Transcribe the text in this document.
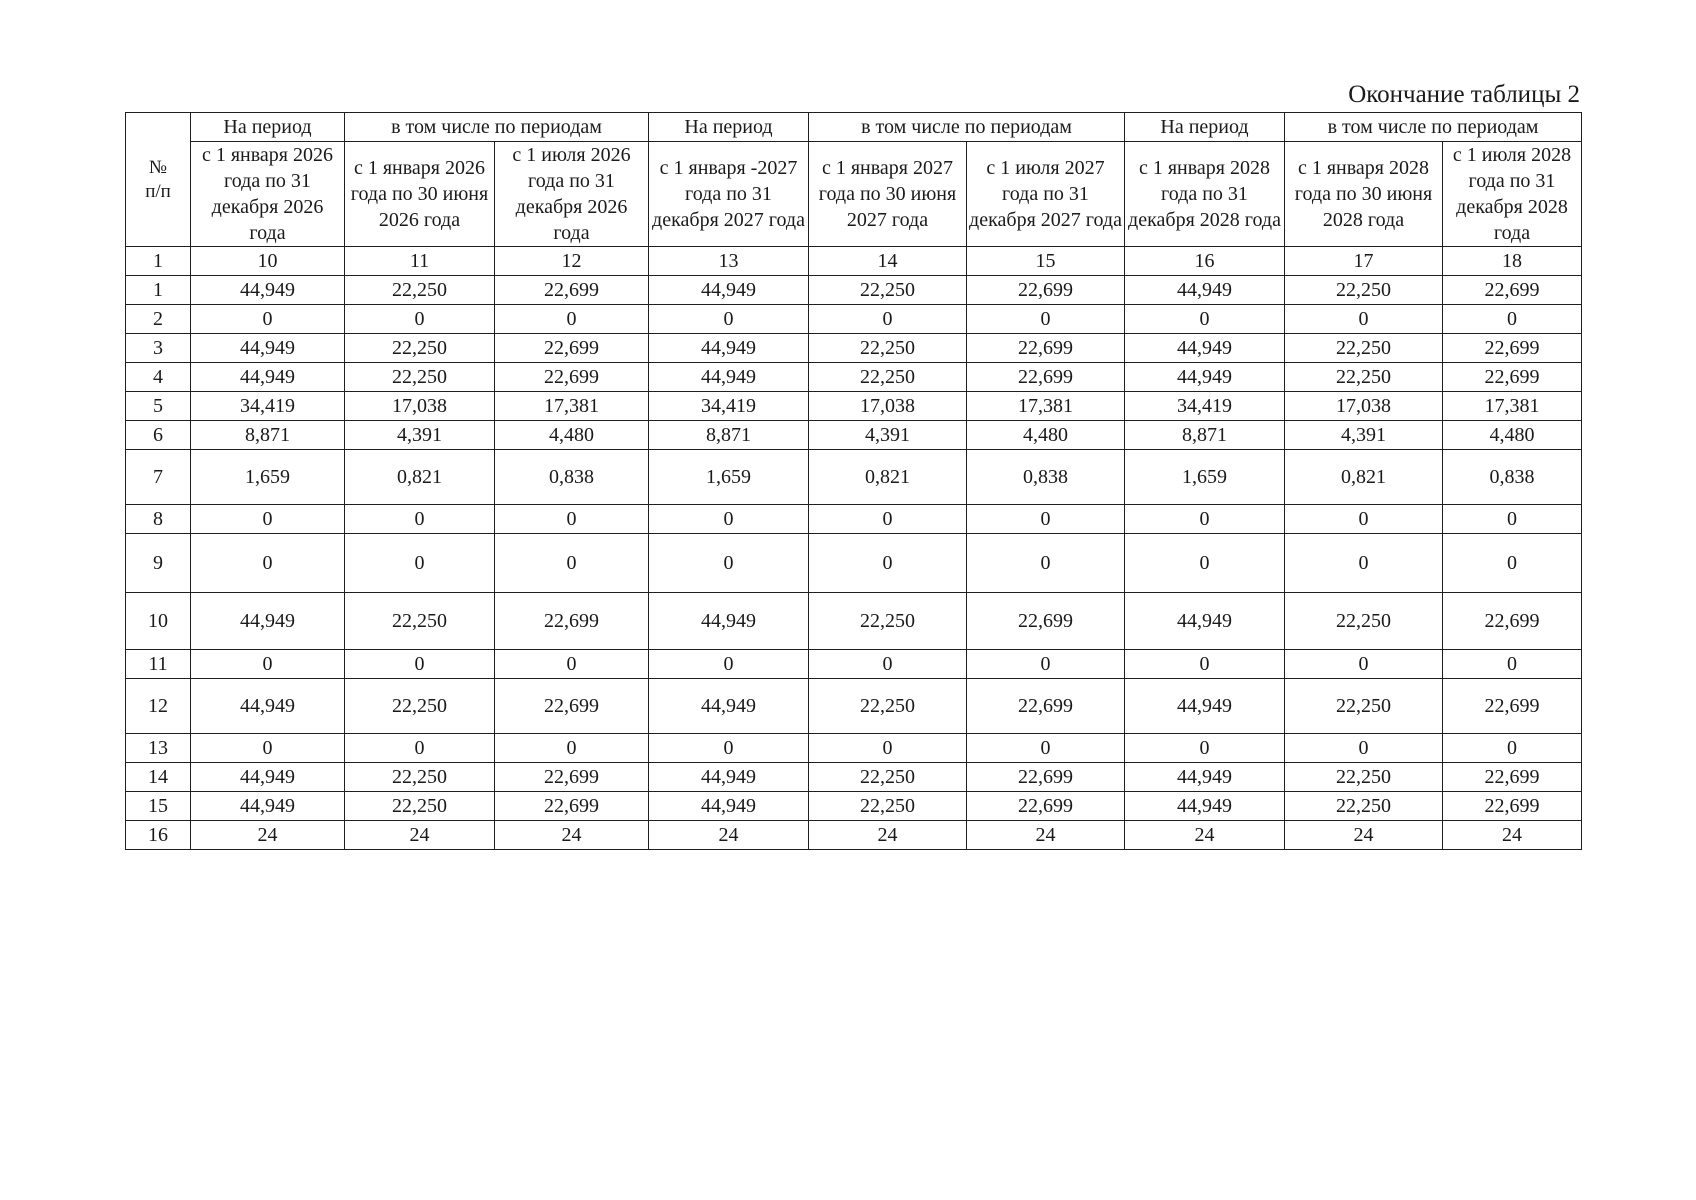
Окончание таблицы 2
№
п/п	На период	в том числе по периодам		На период	в том числе по периодам		На период	в том числе по периодам	
	с 1 января 2026 года по 31 декабря 2026 года	с 1 января 2026 года по 30 июня 2026 года	с 1 июля 2026 года по 31 декабря 2026 года	с 1 января -2027 года по 31 декабря 2027 года	с 1 января 2027 года по 30 июня 2027 года	с 1 июля 2027 года по 31 декабря 2027 года	с 1 января 2028 года по 31 декабря 2028 года	с 1 января 2028 года по 30 июня 2028 года	с 1 июля 2028 года по 31 декабря 2028 года
1	10	11	12	13	14	15	16	17	18
1	44,949	22,250	22,699	44,949	22,250	22,699	44,949	22,250	22,699
2	0	0	0	0	0	0	0	0	0
3	44,949	22,250	22,699	44,949	22,250	22,699	44,949	22,250	22,699
4	44,949	22,250	22,699	44,949	22,250	22,699	44,949	22,250	22,699
5	34,419	17,038	17,381	34,419	17,038	17,381	34,419	17,038	17,381
6	8,871	4,391	4,480	8,871	4,391	4,480	8,871	4,391	4,480
7	1,659	0,821	0,838	1,659	0,821	0,838	1,659	0,821	0,838
8	0	0	0	0	0	0	0	0	0
9	0	0	0	0	0	0	0	0	0
10	44,949	22,250	22,699	44,949	22,250	22,699	44,949	22,250	22,699
11	0	0	0	0	0	0	0	0	0
12	44,949	22,250	22,699	44,949	22,250	22,699	44,949	22,250	22,699
13	0	0	0	0	0	0	0	0	0
14	44,949	22,250	22,699	44,949	22,250	22,699	44,949	22,250	22,699
15	44,949	22,250	22,699	44,949	22,250	22,699	44,949	22,250	22,699
16	24	24	24	24	24	24	24	24	24
